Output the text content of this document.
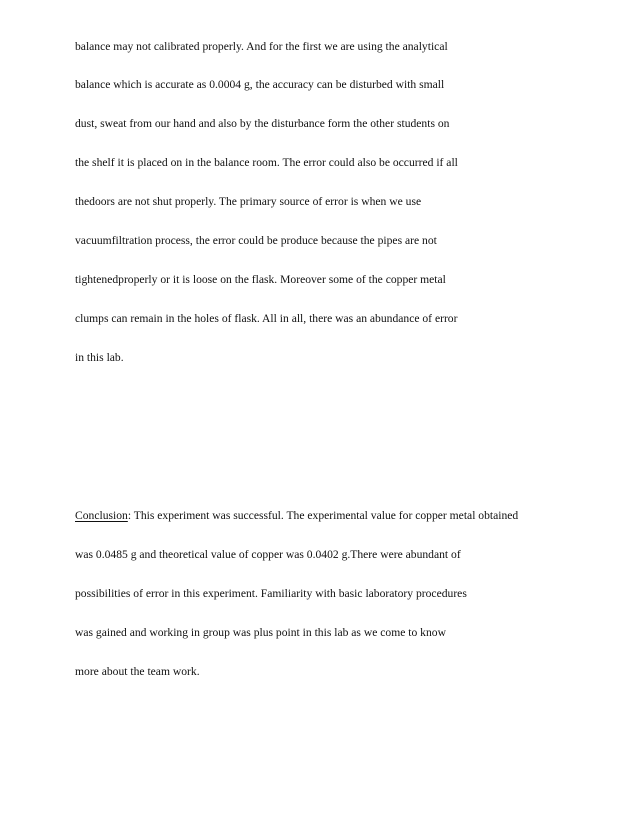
balance may not calibrated properly. And for the first we are using the analytical
balance which is accurate as 0.0004 g, the accuracy can be disturbed with small
dust, sweat from our hand and also by the disturbance form the other students on
the shelf it is placed on in the balance room. The error could also be occurred if all
thedoors are not shut properly. The primary source of error is when we use
vacuumfiltration process, the error could be produce because the pipes are not
tightenedproperly or it is loose on the flask. Moreover some of the copper metal
clumps can remain in the holes of flask. All in all, there was an abundance of error
in this lab.
Conclusion: This experiment was successful. The experimental value for copper metal obtained
was 0.0485 g and theoretical value of copper was 0.0402 g.There were abundant of
possibilities of error in this experiment. Familiarity with basic laboratory procedures
was gained and working in group was plus point in this lab as we come to know
more about the team work.
